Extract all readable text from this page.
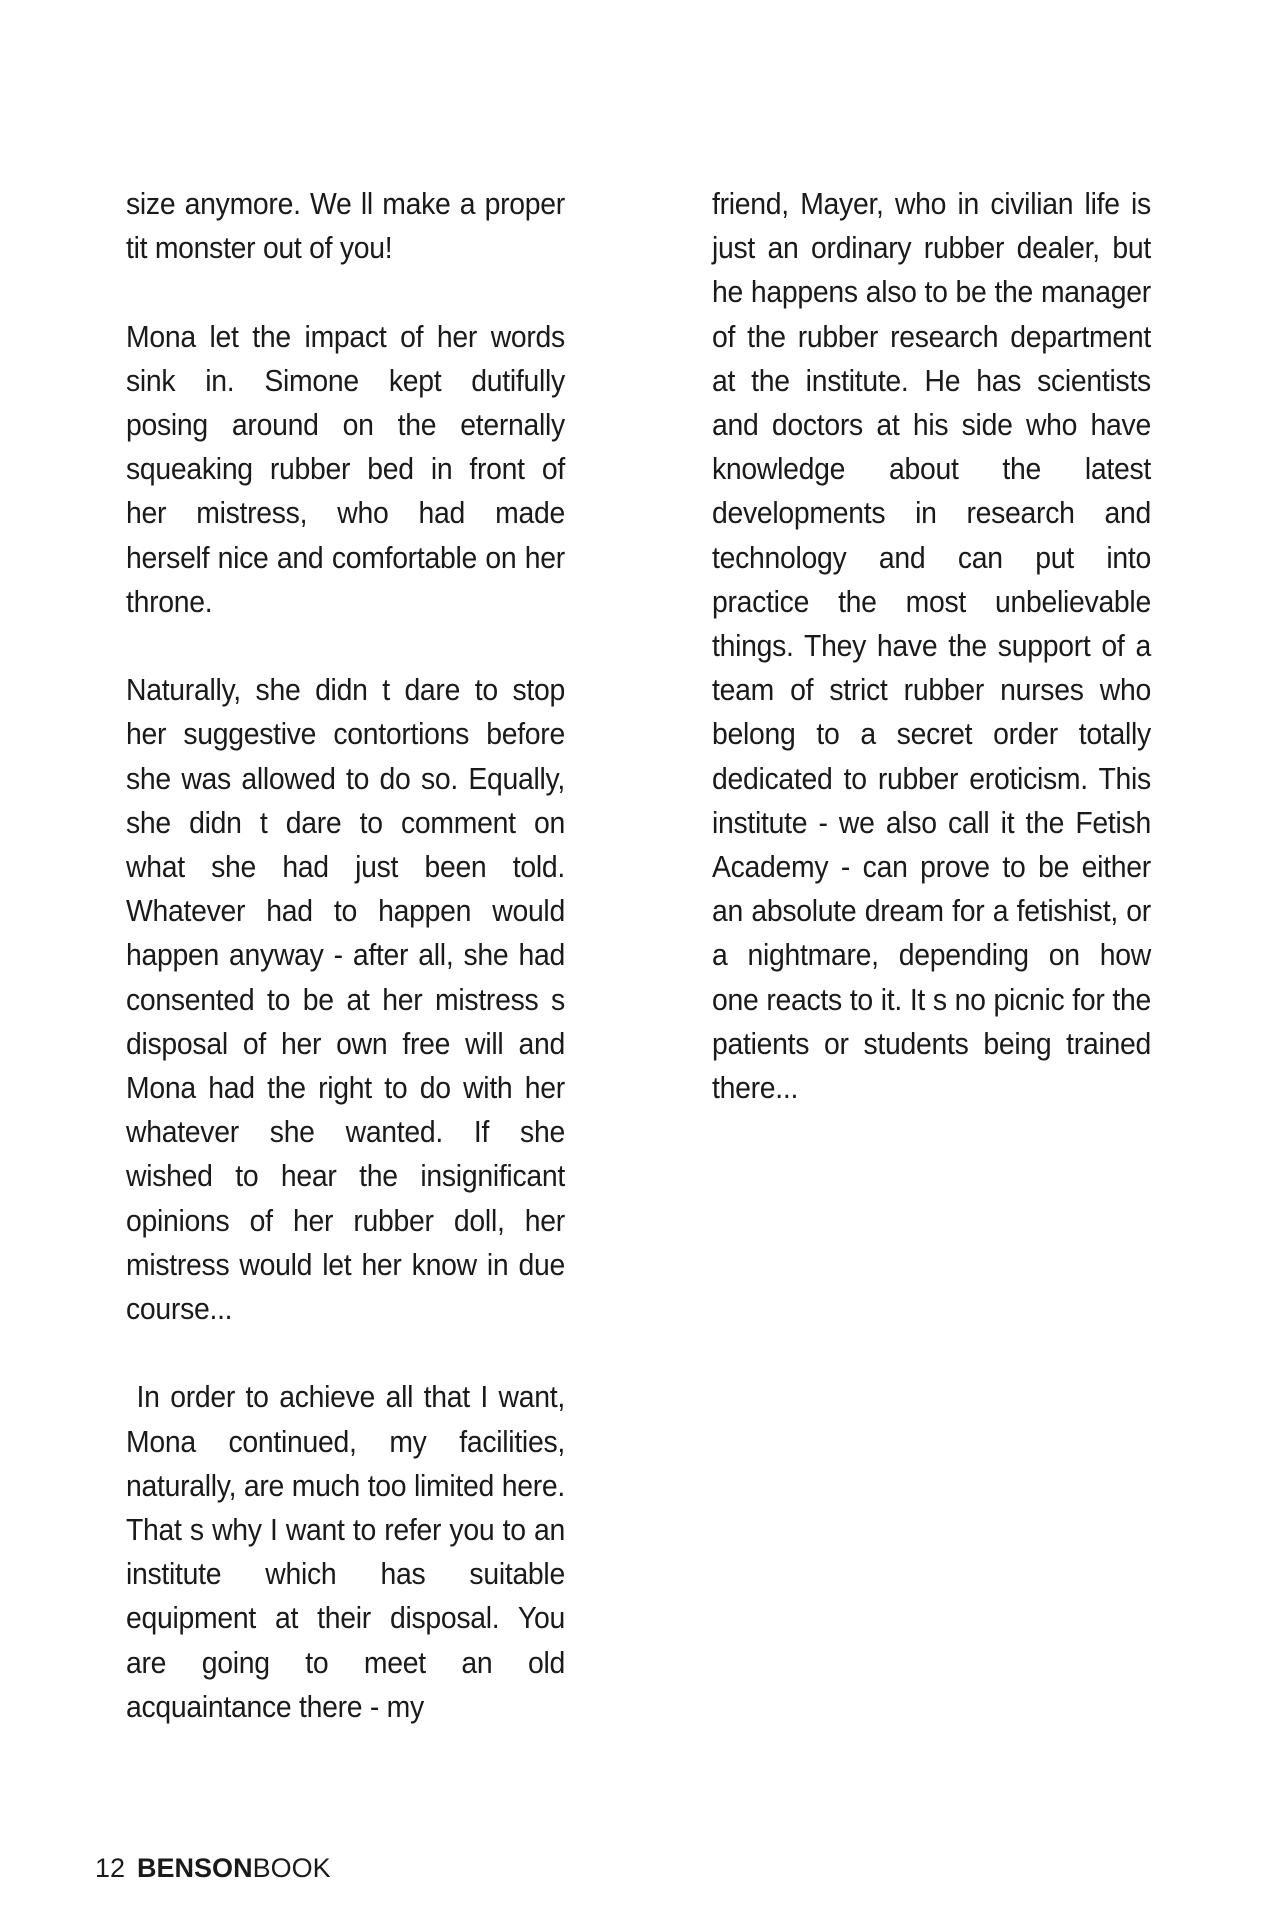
size anymore. We ll make a proper tit monster out of you!

Mona let the impact of her words sink in. Simone kept dutifully posing around on the eternally squeaking rubber bed in front of her mistress, who had made herself nice and comfortable on her throne.

Naturally, she didn t dare to stop her suggestive contortions before she was allowed to do so. Equally, she didn t dare to comment on what she had just been told. Whatever had to happen would happen anyway - after all, she had consented to be at her mistress s disposal of her own free will and Mona had the right to do with her whatever she wanted. If she wished to hear the insignificant opinions of her rubber doll, her mistress would let her know in due course...

In order to achieve all that I want, Mona continued, my facilities, naturally, are much too limited here. That s why I want to refer you to an institute which has suitable equipment at their disposal. You are going to meet an old acquaintance there - my

friend, Mayer, who in civilian life is just an ordinary rubber dealer, but he happens also to be the manager of the rubber research department at the institute. He has scientists and doctors at his side who have knowledge about the latest developments in research and technology and can put into practice the most unbelievable things. They have the support of a team of strict rubber nurses who belong to a secret order totally dedicated to rubber eroticism. This institute - we also call it the Fetish Academy - can prove to be either an absolute dream for a fetishist, or a nightmare, depending on how one reacts to it. It s no picnic for the patients or students being trained there...

12 BENSONBOOK
